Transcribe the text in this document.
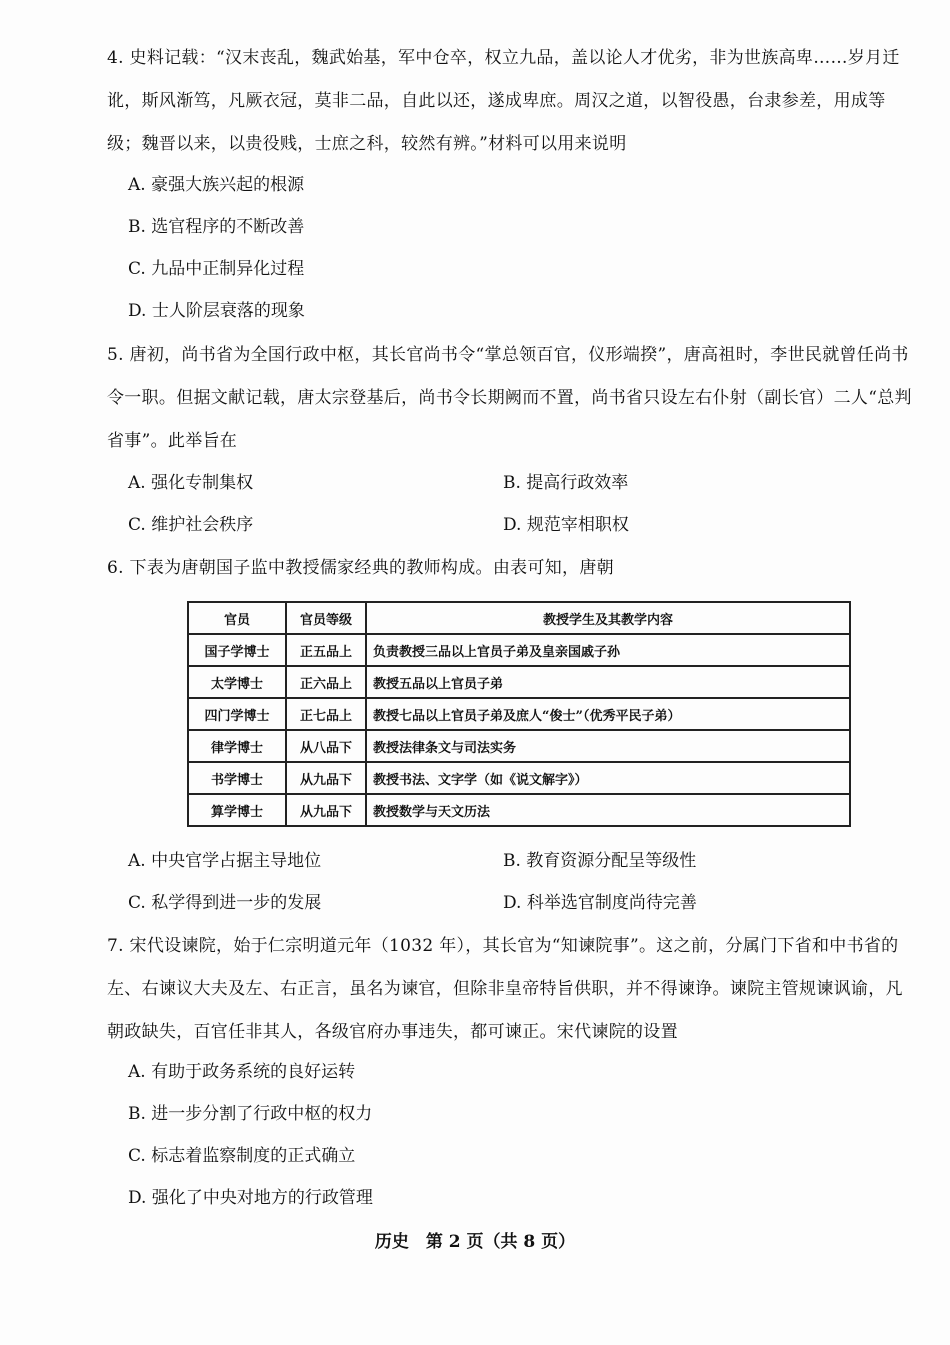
4. 史料记载：“汉末丧乱，魏武始基，军中仓卒，权立九品，盖以论人才优劣，非为世族高卑……岁月迁讹，斯风渐笃，凡厥衣冠，莫非二品，自此以还，遂成卑庶。周汉之道，以智役愚，台隶参差，用成等级；魏晋以来，以贵役贱，士庶之科，较然有辨。”材料可以用来说明

A. 豪强大族兴起的根源
B. 选官程序的不断改善
C. 九品中正制异化过程
D. 士人阶层衰落的现象

5. 唐初，尚书省为全国行政中枢，其长官尚书令“掌总领百官，仪形端揆”，唐高祖时，李世民就曾任尚书令一职。但据文献记载，唐太宗登基后，尚书令长期阙而不置，尚书省只设左右仆射（副长官）二人“总判省事”。此举旨在

A. 强化专制集权	B. 提高行政效率
C. 维护社会秩序	D. 规范宰相职权

6. 下表为唐朝国子监中教授儒家经典的教师构成。由表可知，唐朝

官员	官员等级	教授学生及其教学内容
国子学博士	正五品上	负责教授三品以上官员子弟及皇亲国戚子孙
太学博士	正六品上	教授五品以上官员子弟
四门学博士	正七品上	教授七品以上官员子弟及庶人“俊士”（优秀平民子弟）
律学博士	从八品下	教授法律条文与司法实务
书学博士	从九品下	教授书法、文字学（如《说文解字》）
算学博士	从九品下	教授数学与天文历法
A. 中央官学占据主导地位	B. 教育资源分配呈等级性
C. 私学得到进一步的发展	D. 科举选官制度尚待完善

7. 宋代设谏院，始于仁宗明道元年（1032 年），其长官为“知谏院事”。这之前，分属门下省和中书省的左、右谏议大夫及左、右正言，虽名为谏官，但除非皇帝特旨供职，并不得谏诤。谏院主管规谏讽谕，凡朝政缺失，百官任非其人，各级官府办事违失，都可谏正。宋代谏院的设置

A. 有助于政务系统的良好运转
B. 进一步分割了行政中枢的权力
C. 标志着监察制度的正式确立
D. 强化了中央对地方的行政管理
历史　第 2 页（共 8 页）
